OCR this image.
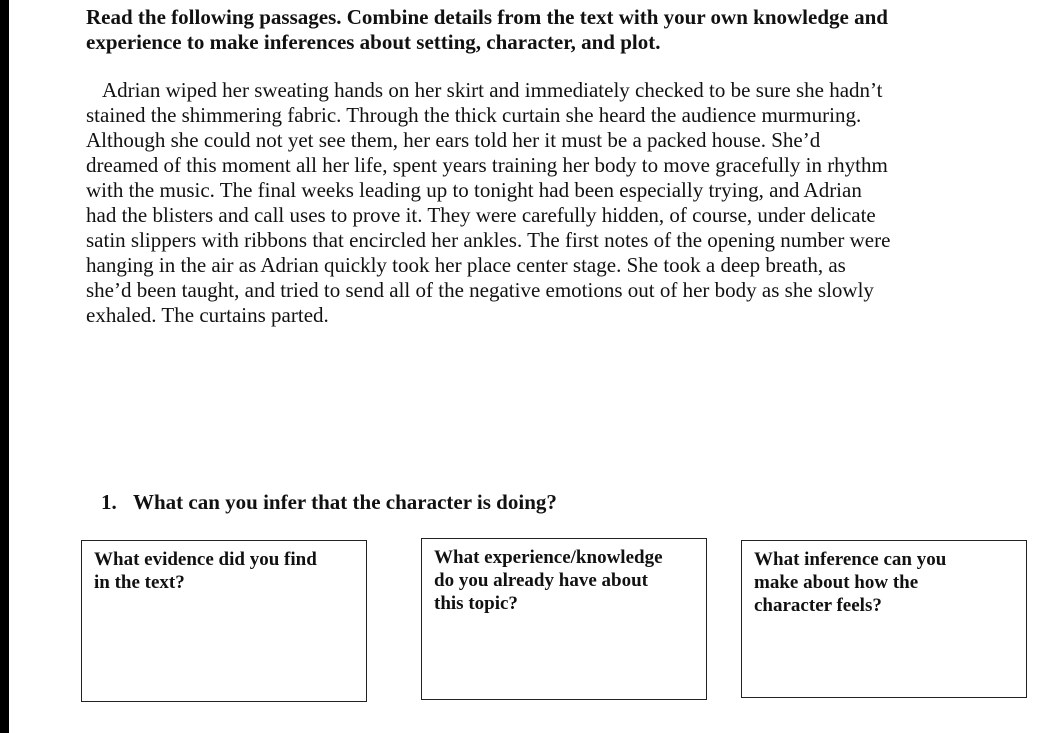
Read the following passages. Combine details from the text with your own knowledge and
experience to make inferences about setting, character, and plot.

Adrian wiped her sweating hands on her skirt and immediately checked to be sure she hadn’t
stained the shimmering fabric. Through the thick curtain she heard the audience murmuring.
Although she could not yet see them, her ears told her it must be a packed house. She’d
dreamed of this moment all her life, spent years training her body to move gracefully in rhythm
with the music. The final weeks leading up to tonight had been especially trying, and Adrian
had the blisters and call uses to prove it. They were carefully hidden, of course, under delicate
satin slippers with ribbons that encircled her ankles. The first notes of the opening number were
hanging in the air as Adrian quickly took her place center stage. She took a deep breath, as
she’d been taught, and tried to send all of the negative emotions out of her body as she slowly
exhaled. The curtains parted.

1. What can you infer that the character is doing?
What evidence did you find
in the text?
What experience/knowledge
do you already have about
this topic?
What inference can you
make about how the
character feels?
